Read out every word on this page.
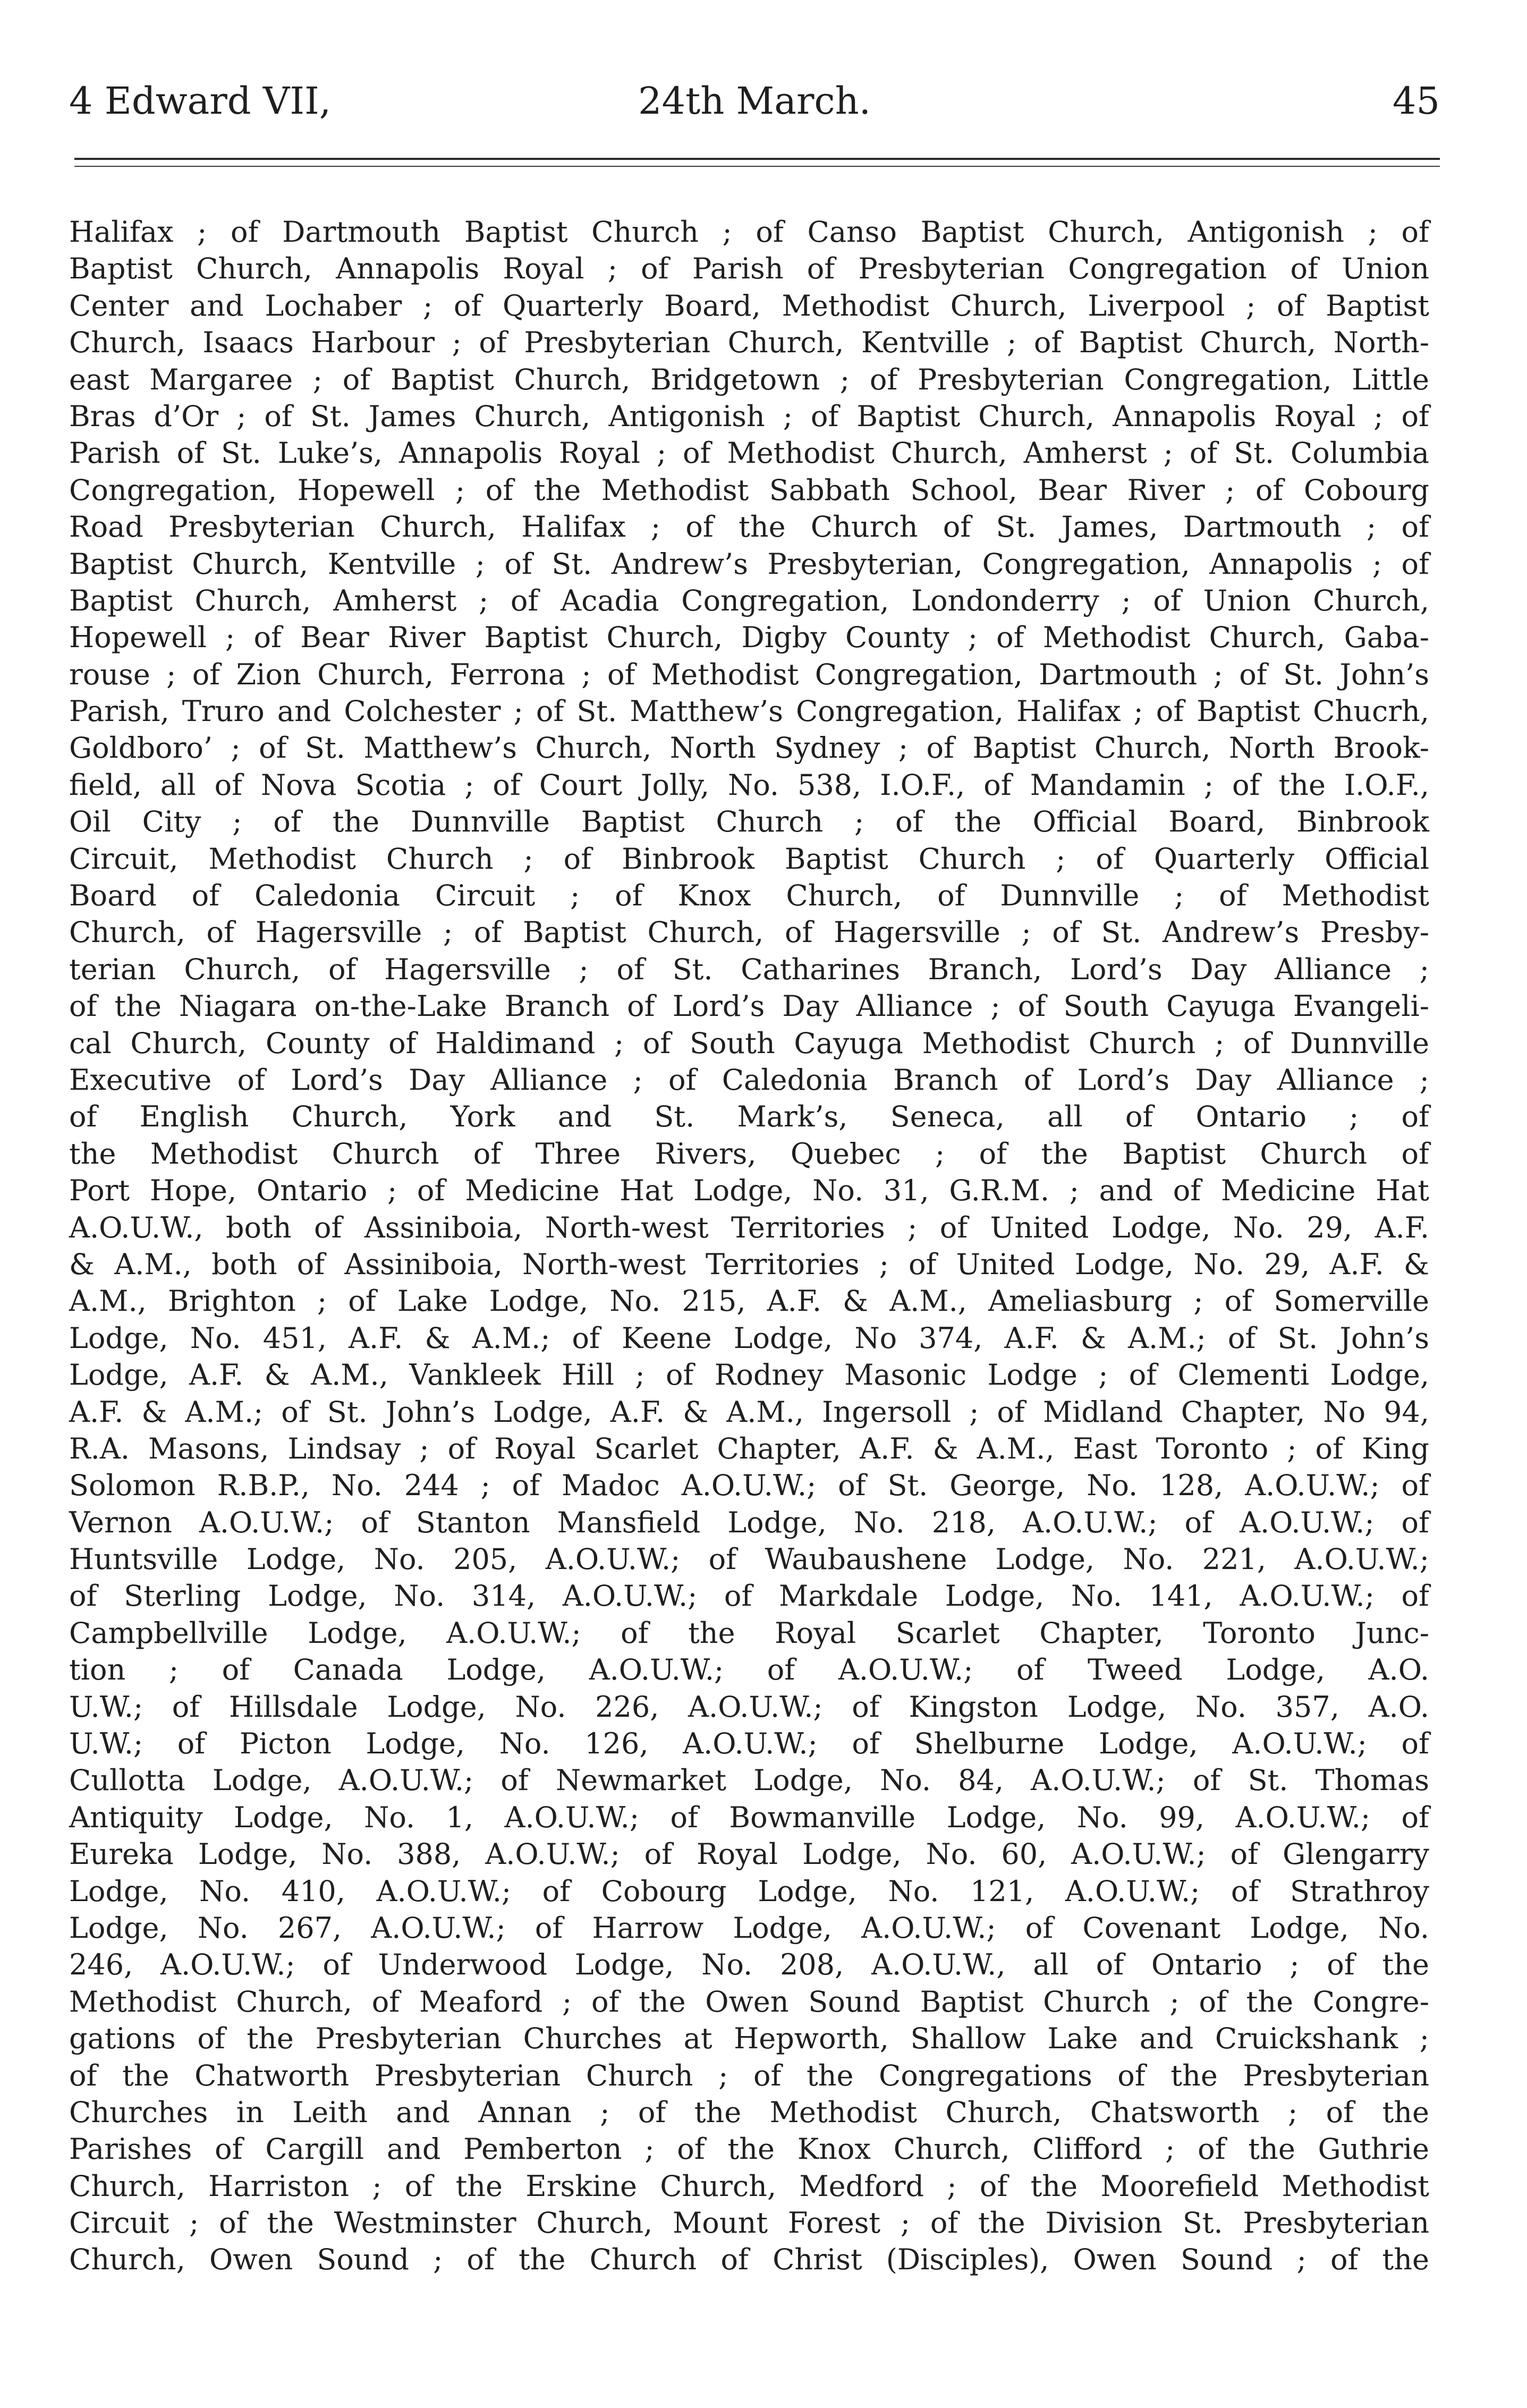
4 Edward VII,	24th March.	45
Halifax ; of Dartmouth Baptist Church ; of Canso Baptist Church, Antigonish ; of
Baptist Church, Annapolis Royal ; of Parish of Presbyterian Congregation of Union
Center and Lochaber ; of Quarterly Board, Methodist Church, Liverpool ; of Baptist
Church, Isaacs Harbour ; of Presbyterian Church, Kentville ; of Baptist Church, North-
east Margaree ; of Baptist Church, Bridgetown ; of Presbyterian Congregation, Little
Bras d’Or ; of St. James Church, Antigonish ; of Baptist Church, Annapolis Royal ; of
Parish of St. Luke’s, Annapolis Royal ; of Methodist Church, Amherst ; of St. Columbia
Congregation, Hopewell ; of the Methodist Sabbath School, Bear River ; of Cobourg
Road Presbyterian Church, Halifax ; of the Church of St. James, Dartmouth ; of
Baptist Church, Kentville ; of St. Andrew’s Presbyterian, Congregation, Annapolis ; of
Baptist Church, Amherst ; of Acadia Congregation, Londonderry ; of Union Church,
Hopewell ; of Bear River Baptist Church, Digby County ; of Methodist Church, Gaba-
rouse ; of Zion Church, Ferrona ; of Methodist Congregation, Dartmouth ; of St. John’s
Parish, Truro and Colchester ; of St. Matthew’s Congregation, Halifax ; of Baptist Chucrh,
Goldboro’ ; of St. Matthew’s Church, North Sydney ; of Baptist Church, North Brook-
field, all of Nova Scotia ; of Court Jolly, No. 538, I.O.F., of Mandamin ; of the I.O.F.,
Oil City ; of the Dunnville Baptist Church ; of the Official Board, Binbrook
Circuit, Methodist Church ; of Binbrook Baptist Church ; of Quarterly Official
Board of Caledonia Circuit ; of Knox Church, of Dunnville ; of Methodist
Church, of Hagersville ; of Baptist Church, of Hagersville ; of St. Andrew’s Presby-
terian Church, of Hagersville ; of St. Catharines Branch, Lord’s Day Alliance ;
of the Niagara on-the-Lake Branch of Lord’s Day Alliance ; of South Cayuga Evangeli-
cal Church, County of Haldimand ; of South Cayuga Methodist Church ; of Dunnville
Executive of Lord’s Day Alliance ; of Caledonia Branch of Lord’s Day Alliance ;
of English Church, York and St. Mark’s, Seneca, all of Ontario ; of
the Methodist Church of Three Rivers, Quebec ; of the Baptist Church of
Port Hope, Ontario ; of Medicine Hat Lodge, No. 31, G.R.M. ; and of Medicine Hat
A.O.U.W., both of Assiniboia, North-west Territories ; of United Lodge, No. 29, A.F.
& A.M., both of Assiniboia, North-west Territories ; of United Lodge, No. 29, A.F. &
A.M., Brighton ; of Lake Lodge, No. 215, A.F. & A.M., Ameliasburg ; of Somerville
Lodge, No. 451, A.F. & A.M.; of Keene Lodge, No 374, A.F. & A.M.; of St. John’s
Lodge, A.F. & A.M., Vankleek Hill ; of Rodney Masonic Lodge ; of Clementi Lodge,
A.F. & A.M.; of St. John’s Lodge, A.F. & A.M., Ingersoll ; of Midland Chapter, No 94,
R.A. Masons, Lindsay ; of Royal Scarlet Chapter, A.F. & A.M., East Toronto ; of King
Solomon R.B.P., No. 244 ; of Madoc A.O.U.W.; of St. George, No. 128, A.O.U.W.; of
Vernon A.O.U.W.; of Stanton Mansfield Lodge, No. 218, A.O.U.W.; of A.O.U.W.; of
Huntsville Lodge, No. 205, A.O.U.W.; of Waubaushene Lodge, No. 221, A.O.U.W.;
of Sterling Lodge, No. 314, A.O.U.W.; of Markdale Lodge, No. 141, A.O.U.W.; of
Campbellville Lodge, A.O.U.W.; of the Royal Scarlet Chapter, Toronto Junc-
tion ; of Canada Lodge, A.O.U.W.; of A.O.U.W.; of Tweed Lodge, A.O.
U.W.; of Hillsdale Lodge, No. 226, A.O.U.W.; of Kingston Lodge, No. 357, A.O.
U.W.; of Picton Lodge, No. 126, A.O.U.W.; of Shelburne Lodge, A.O.U.W.; of
Cullotta Lodge, A.O.U.W.; of Newmarket Lodge, No. 84, A.O.U.W.; of St. Thomas
Antiquity Lodge, No. 1, A.O.U.W.; of Bowmanville Lodge, No. 99, A.O.U.W.; of
Eureka Lodge, No. 388, A.O.U.W.; of Royal Lodge, No. 60, A.O.U.W.; of Glengarry
Lodge, No. 410, A.O.U.W.; of Cobourg Lodge, No. 121, A.O.U.W.; of Strathroy
Lodge, No. 267, A.O.U.W.; of Harrow Lodge, A.O.U.W.; of Covenant Lodge, No.
246, A.O.U.W.; of Underwood Lodge, No. 208, A.O.U.W., all of Ontario ; of the
Methodist Church, of Meaford ; of the Owen Sound Baptist Church ; of the Congre-
gations of the Presbyterian Churches at Hepworth, Shallow Lake and Cruickshank ;
of the Chatworth Presbyterian Church ; of the Congregations of the Presbyterian
Churches in Leith and Annan ; of the Methodist Church, Chatsworth ; of the
Parishes of Cargill and Pemberton ; of the Knox Church, Clifford ; of the Guthrie
Church, Harriston ; of the Erskine Church, Medford ; of the Moorefield Methodist
Circuit ; of the Westminster Church, Mount Forest ; of the Division St. Presbyterian
Church, Owen Sound ; of the Church of Christ (Disciples), Owen Sound ; of the
